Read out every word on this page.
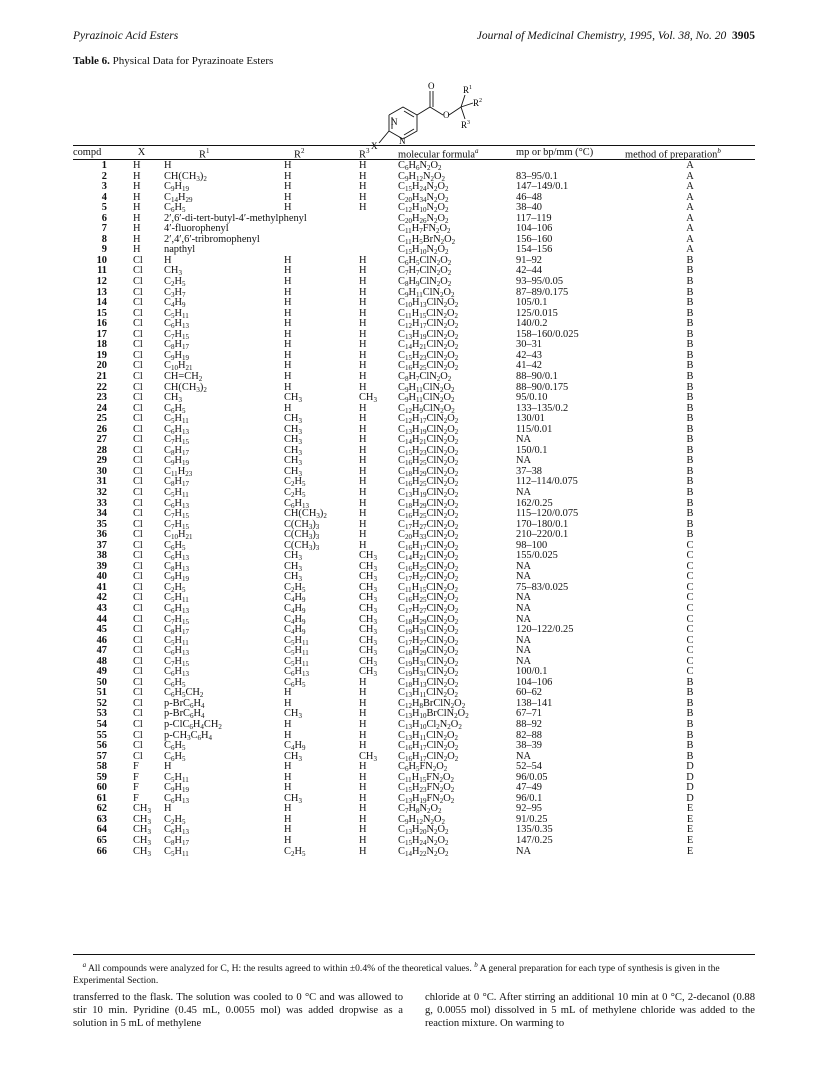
Pyrazinoic Acid Esters	Journal of Medicinal Chemistry, 1995, Vol. 38, No. 20 3905
Table 6. Physical Data for Pyrazinoate Esters
O
O
R 1
R 2
R 3
N
N
X
compd	X	$R^1$	$R^2$	$R^3$	molecular formula$^a$	mp or bp/mm (°C)	method of preparation$^b$
1	H	H	H	H	$C_6H_6N_2O_2$		A
2	H	$CH(CH_3)_2$	H	H	$C_9H_{12}N_2O_2$	83–95/0.1	A
3	H	$C_9H_{19}$	H	H	$C_{15}H_{24}N_2O_2$	147–149/0.1	A
4	H	$C_{14}H_{29}$	H	H	$C_{20}H_{34}N_2O_2$	46–48	A
5	H	$C_6H_5$	H	H	$C_{12}H_{10}N_2O_2$	38–40	A
6	H	2′,6′-di-tert-butyl-4′-methylphenyl			$C_{20}H_{26}N_2O_2$	117–119	A
7	H	4′-fluorophenyl			$C_{11}H_7FN_2O_2$	104–106	A
8	H	2′,4′,6′-tribromophenyl			$C_{11}H_5BrN_2O_2$	156–160	A
9	H	napthyl			$C_{15}H_{10}N_2O_2$	154–156	A
10	Cl	H	H	H	$C_6H_5ClN_2O_2$	91–92	B
11	Cl	$CH_3$	H	H	$C_7H_7ClN_2O_2$	42–44	B
12	Cl	$C_2H_5$	H	H	$C_8H_9ClN_2O_2$	93–95/0.05	B
13	Cl	$C_3H_7$	H	H	$C_9H_{11}ClN_2O_2$	87–89/0.175	B
14	Cl	$C_4H_9$	H	H	$C_{10}H_{13}ClN_2O_2$	105/0.1	B
15	Cl	$C_5H_{11}$	H	H	$C_{11}H_{15}ClN_2O_2$	125/0.015	B
16	Cl	$C_6H_{13}$	H	H	$C_{12}H_{17}ClN_2O_2$	140/0.2	B
17	Cl	$C_7H_{15}$	H	H	$C_{13}H_{19}ClN_2O_2$	158–160/0.025	B
18	Cl	$C_8H_{17}$	H	H	$C_{14}H_{21}ClN_2O_2$	30–31	B
19	Cl	$C_9H_{19}$	H	H	$C_{15}H_{23}ClN_2O_2$	42–43	B
20	Cl	$C_{10}H_{21}$	H	H	$C_{16}H_{25}ClN_2O_2$	41–42	B
21	Cl	$CH=CH_2$	H	H	$C_8H_7ClN_2O_2$	88–90/0.1	B
22	Cl	$CH(CH_3)_2$	H	H	$C_9H_{11}ClN_2O_2$	88–90/0.175	B
23	Cl	$CH_3$	$CH_3$	$CH_3$	$C_9H_{11}ClN_2O_2$	95/0.10	B
24	Cl	$C_6H_5$	H	H	$C_{12}H_9ClN_2O_2$	133–135/0.2	B
25	Cl	$C_5H_{11}$	$CH_3$	H	$C_{12}H_{17}ClN_2O_2$	130/01	B
26	Cl	$C_6H_{13}$	$CH_3$	H	$C_{13}H_{19}ClN_2O_2$	115/0.01	B
27	Cl	$C_7H_{15}$	$CH_3$	H	$C_{14}H_{21}ClN_2O_2$	NA	B
28	Cl	$C_8H_{17}$	$CH_3$	H	$C_{15}H_{23}ClN_2O_2$	150/0.1	B
29	Cl	$C_9H_{19}$	$CH_3$	H	$C_{16}H_{25}ClN_2O_2$	NA	B
30	Cl	$C_{11}H_{23}$	$CH_3$	H	$C_{18}H_{29}ClN_2O_2$	37–38	B
31	Cl	$C_8H_{17}$	$C_2H_5$	H	$C_{16}H_{25}ClN_2O_2$	112–114/0.075	B
32	Cl	$C_5H_{11}$	$C_2H_5$	H	$C_{13}H_{19}ClN_2O_2$	NA	B
33	Cl	$C_6H_{13}$	$C_6H_{13}$	H	$C_{18}H_{29}ClN_2O_2$	162/0.25	B
34	Cl	$C_7H_{15}$	$CH(CH_3)_2$	H	$C_{16}H_{25}ClN_2O_2$	115–120/0.075	B
35	Cl	$C_7H_{15}$	$C(CH_3)_3$	H	$C_{17}H_{27}ClN_2O_2$	170–180/0.1	B
36	Cl	$C_{10}H_{21}$	$C(CH_3)_3$	H	$C_{20}H_{33}ClN_2O_2$	210–220/0.1	B
37	Cl	$C_6H_5$	$C(CH_3)_3$	H	$C_{16}H_{17}ClN_2O_2$	98–100	C
38	Cl	$C_6H_{13}$	$CH_3$	$CH_3$	$C_{14}H_{21}ClN_2O_2$	155/0.025	C
39	Cl	$C_8H_{13}$	$CH_3$	$CH_3$	$C_{16}H_{25}ClN_2O_2$	NA	C
40	Cl	$C_9H_{19}$	$CH_3$	$CH_3$	$C_{17}H_{27}ClN_2O_2$	NA	C
41	Cl	$C_2H_5$	$C_2H_5$	$CH_3$	$C_{11}H_{15}ClN_2O_2$	75–83/0.025	C
42	Cl	$C_5H_{11}$	$C_4H_9$	$CH_3$	$C_{16}H_{25}ClN_2O_2$	NA	C
43	Cl	$C_6H_{13}$	$C_4H_9$	$CH_3$	$C_{17}H_{27}ClN_2O_2$	NA	C
44	Cl	$C_7H_{15}$	$C_4H_9$	$CH_3$	$C_{18}H_{29}ClN_2O_2$	NA	C
45	Cl	$C_8H_{17}$	$C_4H_9$	$CH_3$	$C_{19}H_{31}ClN_2O_2$	120–122/0.25	C
46	Cl	$C_5H_{11}$	$C_5H_{11}$	$CH_3$	$C_{17}H_{27}ClN_2O_2$	NA	C
47	Cl	$C_6H_{13}$	$C_5H_{11}$	$CH_3$	$C_{18}H_{29}ClN_2O_2$	NA	C
48	Cl	$C_7H_{15}$	$C_5H_{11}$	$CH_3$	$C_{19}H_{31}ClN_2O_2$	NA	C
49	Cl	$C_6H_{13}$	$C_6H_{13}$	$CH_3$	$C_{19}H_{31}ClN_2O_2$	100/0.1	C
50	Cl	$C_6H_5$	$C_6H_5$	H	$C_{18}H_{13}ClN_2O_2$	104–106	B
51	Cl	$C_6H_5CH_2$	H	H	$C_{13}H_{11}ClN_2O_2$	60–62	B
52	Cl	$p-BrC_6H_4$	H	H	$C_{12}H_8BrClN_2O_2$	138–141	B
53	Cl	$p-BrC_6H_4$	$CH_3$	H	$C_{13}H_{10}BrClN_2O_2$	67–71	B
54	Cl	$p-ClC_6H_4CH_2$	H	H	$C_{13}H_{10}Cl_2N_2O_2$	88–92	B
55	Cl	$p-CH_3C_6H_4$	H	H	$C_{13}H_{11}ClN_2O_2$	82–88	B
56	Cl	$C_6H_5$	$C_4H_9$	H	$C_{16}H_{17}ClN_2O_2$	38–39	B
57	Cl	$C_6H_5$	$CH_3$	$CH_3$	$C_{16}H_{17}ClN_2O_2$	NA	B
58	F	H	H	H	$C_6H_5FN_2O_2$	52–54	D
59	F	$C_5H_{11}$	H	H	$C_{11}H_{15}FN_2O_2$	96/0.05	D
60	F	$C_9H_{19}$	H	H	$C_{15}H_{23}FN_2O_2$	47–49	D
61	F	$C_6H_{13}$	$CH_3$	H	$C_{13}H_{19}FN_2O_2$	96/0.1	D
62	$CH_3$	H	H	H	$C_7H_8N_2O_2$	92–95	E
63	$CH_3$	$C_2H_5$	H	H	$C_9H_{12}N_2O_2$	91/0.25	E
64	$CH_3$	$C_6H_{13}$	H	H	$C_{13}H_{20}N_2O_2$	135/0.35	E
65	$CH_3$	$C_8H_{17}$	H	H	$C_{15}H_{24}N_2O_2$	147/0.25	E
66	$CH_3$	$C_5H_{11}$	$C_2H_5$	H	$C_{14}H_{22}N_2O_2$	NA	E
$^a$ All compounds were analyzed for C, H: the results agreed to within ±0.4% of the theoretical values. $^b$ A general preparation for each type of synthesis is given in the Experimental Section.
transferred to the flask. The solution was cooled to 0 °C and was allowed to stir 10 min. Pyridine (0.45 mL, 0.0055 mol) was added dropwise as a solution in 5 mL of methylene
chloride at 0 °C. After stirring an additional 10 min at 0 °C, 2-decanol (0.88 g, 0.0055 mol) dissolved in 5 mL of methylene chloride was added to the reaction mixture. On warming to
